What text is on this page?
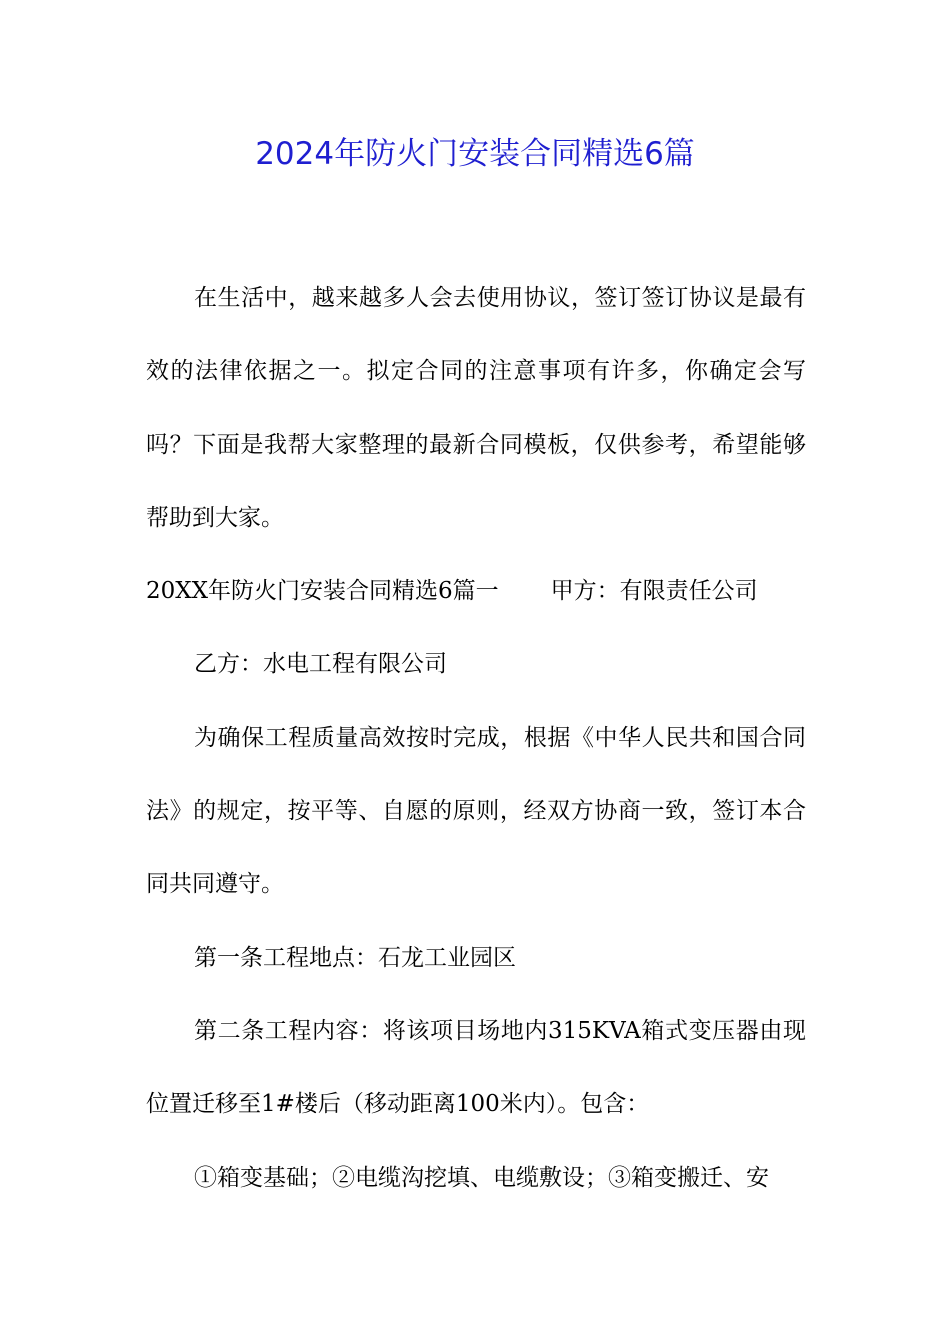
2024年防火门安装合同精选6篇

在生活中，越来越多人会去使用协议，签订签订协议是最有效的法律依据之一。拟定合同的注意事项有许多，你确定会写吗？下面是我帮大家整理的最新合同模板，仅供参考，希望能够帮助到大家。

20XX年防火门安装合同精选6篇一 甲方：有限责任公司

乙方：水电工程有限公司

为确保工程质量高效按时完成，根据《中华人民共和国合同法》的规定，按平等、自愿的原则，经双方协商一致，签订本合同共同遵守。

第一条工程地点：石龙工业园区

第二条工程内容：将该项目场地内315KVA箱式变压器由现位置迁移至1#楼后（移动距离100米内）。包含：

①箱变基础；②电缆沟挖填、电缆敷设；③箱变搬迁、安
